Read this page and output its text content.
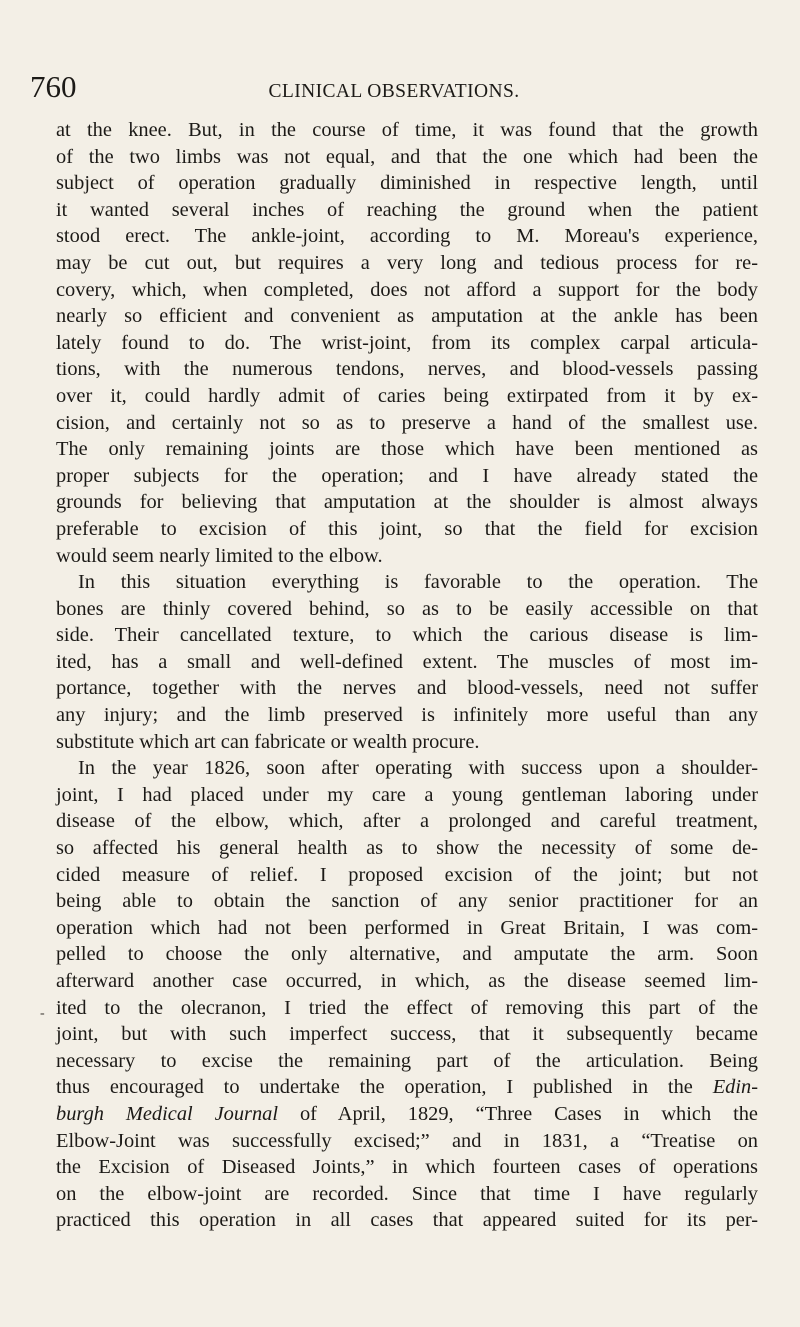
760	CLINICAL OBSERVATIONS.
at the knee. But, in the course of time, it was found that the growth
of the two limbs was not equal, and that the one which had been the
subject of operation gradually diminished in respective length, until
it wanted several inches of reaching the ground when the patient
stood erect. The ankle-joint, according to M. Moreau's experience,
may be cut out, but requires a very long and tedious process for re-
covery, which, when completed, does not afford a support for the body
nearly so efficient and convenient as amputation at the ankle has been
lately found to do. The wrist-joint, from its complex carpal articula-
tions, with the numerous tendons, nerves, and blood-vessels passing
over it, could hardly admit of caries being extirpated from it by ex-
cision, and certainly not so as to preserve a hand of the smallest use.
The only remaining joints are those which have been mentioned as
proper subjects for the operation; and I have already stated the
grounds for believing that amputation at the shoulder is almost always
preferable to excision of this joint, so that the field for excision
would seem nearly limited to the elbow.
In this situation everything is favorable to the operation. The
bones are thinly covered behind, so as to be easily accessible on that
side. Their cancellated texture, to which the carious disease is lim-
ited, has a small and well-defined extent. The muscles of most im-
portance, together with the nerves and blood-vessels, need not suffer
any injury; and the limb preserved is infinitely more useful than any
substitute which art can fabricate or wealth procure.
In the year 1826, soon after operating with success upon a shoulder-
joint, I had placed under my care a young gentleman laboring under
disease of the elbow, which, after a prolonged and careful treatment,
so affected his general health as to show the necessity of some de-
cided measure of relief. I proposed excision of the joint; but not
being able to obtain the sanction of any senior practitioner for an
operation which had not been performed in Great Britain, I was com-
pelled to choose the only alternative, and amputate the arm. Soon
afterward another case occurred, in which, as the disease seemed lim-
ited to the olecranon, I tried the effect of removing this part of the
joint, but with such imperfect success, that it subsequently became
necessary to excise the remaining part of the articulation. Being
thus encouraged to undertake the operation, I published in the Edin-
burgh Medical Journal of April, 1829, “Three Cases in which the
Elbow-Joint was successfully excised;” and in 1831, a “Treatise on
the Excision of Diseased Joints,” in which fourteen cases of operations
on the elbow-joint are recorded. Since that time I have regularly
practiced this operation in all cases that appeared suited for its per-
-
